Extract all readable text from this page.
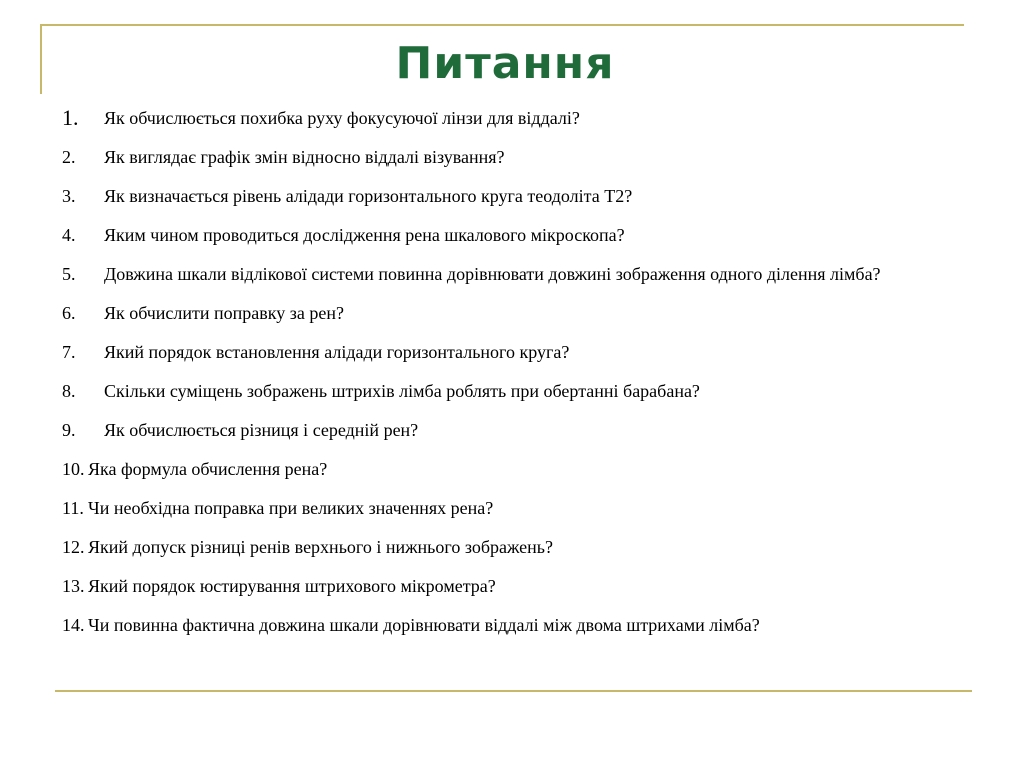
Питання
1. Як обчислюється похибка руху фокусуючої лінзи для віддалі?
2. Як виглядає графік змін відносно віддалі візування?
3. Як визначається рівень алідади горизонтального круга теодоліта Т2?
4. Яким чином проводиться дослідження рена шкалового мікроскопа?
5. Довжина шкали відлікової системи повинна дорівнювати довжині зображення одного ділення лімба?
6. Як обчислити поправку за рен?
7. Який порядок встановлення алідади горизонтального круга?
8. Скільки суміщень зображень штрихів лімба роблять при обертанні барабана?
9. Як обчислюється різниця і середній рен?
10. Яка формула обчислення рена?
11. Чи необхідна поправка при великих значеннях рена?
12. Який допуск різниці ренів верхнього і нижнього зображень?
13. Який порядок юстирування штрихового мікрометра?
14. Чи повинна фактична довжина шкали дорівнювати віддалі між двома штрихами лімба?
